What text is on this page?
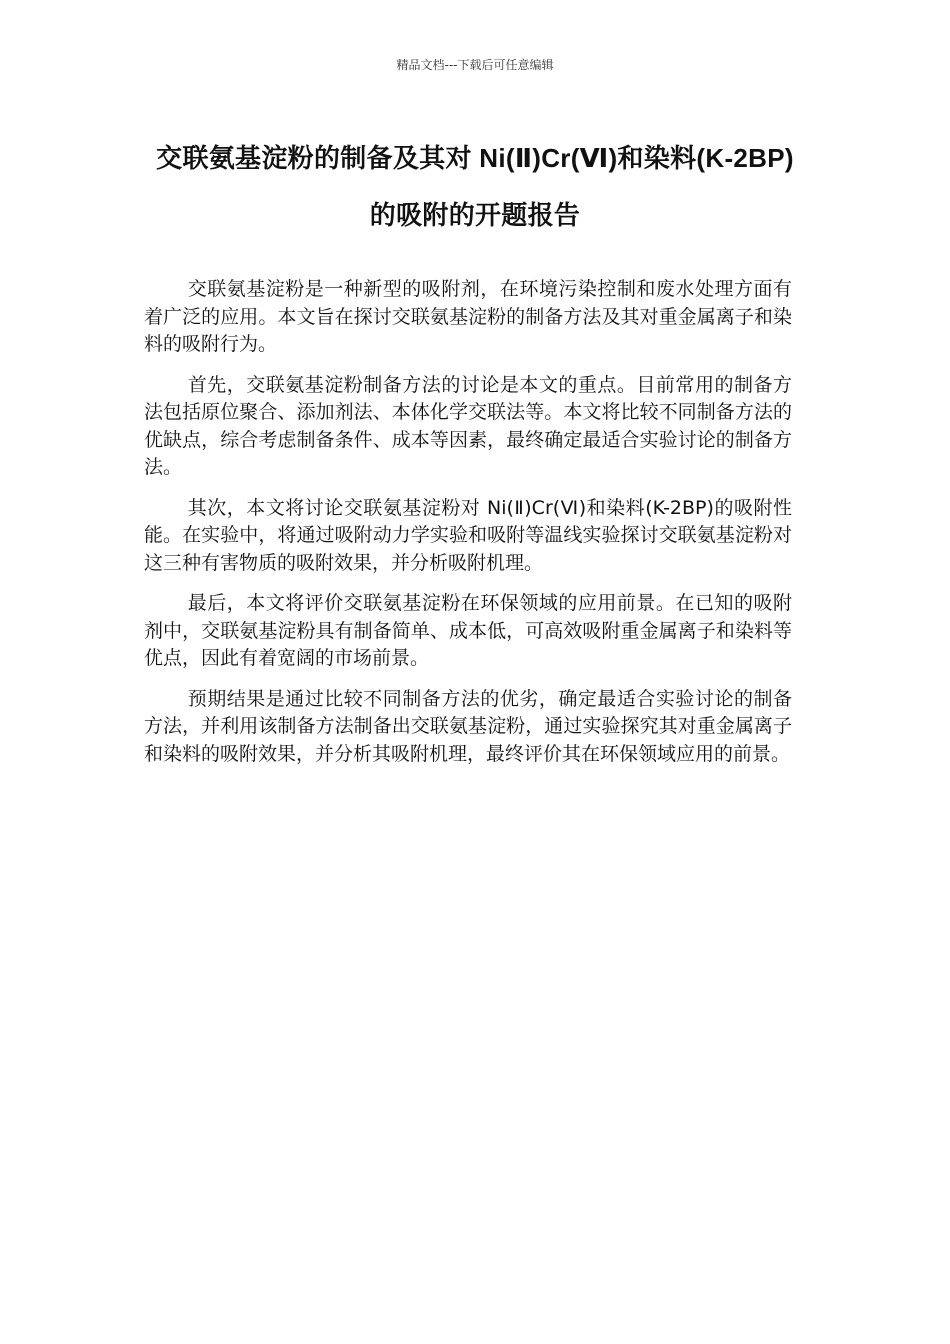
精品文档---下载后可任意编辑
交联氨基淀粉的制备及其对 Ni(Ⅱ)Cr(Ⅵ)和染料(K-2BP)的吸附的开题报告

交联氨基淀粉是一种新型的吸附剂，在环境污染控制和废水处理方面有着广泛的应用。本文旨在探讨交联氨基淀粉的制备方法及其对重金属离子和染料的吸附行为。

首先，交联氨基淀粉制备方法的讨论是本文的重点。目前常用的制备方法包括原位聚合、添加剂法、本体化学交联法等。本文将比较不同制备方法的优缺点，综合考虑制备条件、成本等因素，最终确定最适合实验讨论的制备方法。

其次，本文将讨论交联氨基淀粉对 Ni(Ⅱ)Cr(Ⅵ)和染料(K-2BP)的吸附性能。在实验中，将通过吸附动力学实验和吸附等温线实验探讨交联氨基淀粉对这三种有害物质的吸附效果，并分析吸附机理。

最后，本文将评价交联氨基淀粉在环保领域的应用前景。在已知的吸附剂中，交联氨基淀粉具有制备简单、成本低，可高效吸附重金属离子和染料等优点，因此有着宽阔的市场前景。

预期结果是通过比较不同制备方法的优劣，确定最适合实验讨论的制备方法，并利用该制备方法制备出交联氨基淀粉，通过实验探究其对重金属离子和染料的吸附效果，并分析其吸附机理，最终评价其在环保领域应用的前景。
